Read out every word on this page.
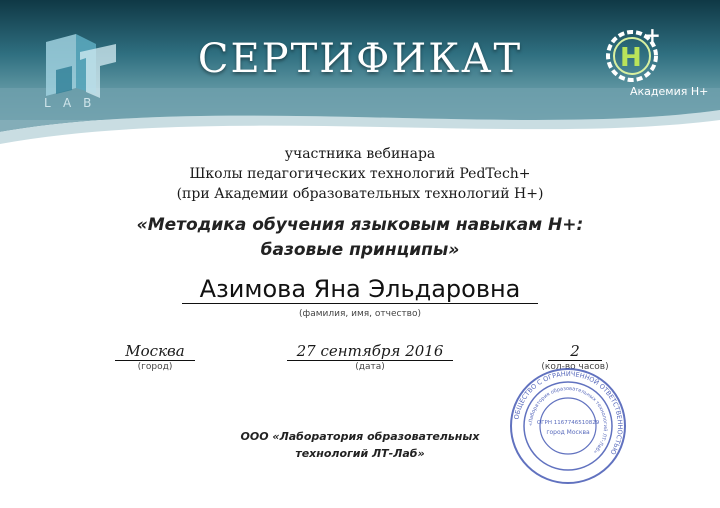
LAB
СЕРТИФИКАТ	H
+
Академия Н+
участника вебинара
Школы педагогических технологий PedTech+
(при Академии образовательных технологий Н+)
«Методика обучения языковым навыкам Н+:
базовые принципы»
Азимова Яна Эльдаровна
(фамилия, имя, отчество)
Москва
(город)
27 сентября 2016
(дата)
2
(кол-во часов)
ООО «Лаборатория образовательных
технологий ЛТ-Лаб»
ОБЩЕСТВО С ОГРАНИЧЕННОЙ ОТВЕТСТВЕННОСТЬЮ
«Лаборатория образовательных технологий ЛТ-Лаб»
ОГРН 1167746510829
город Москва
